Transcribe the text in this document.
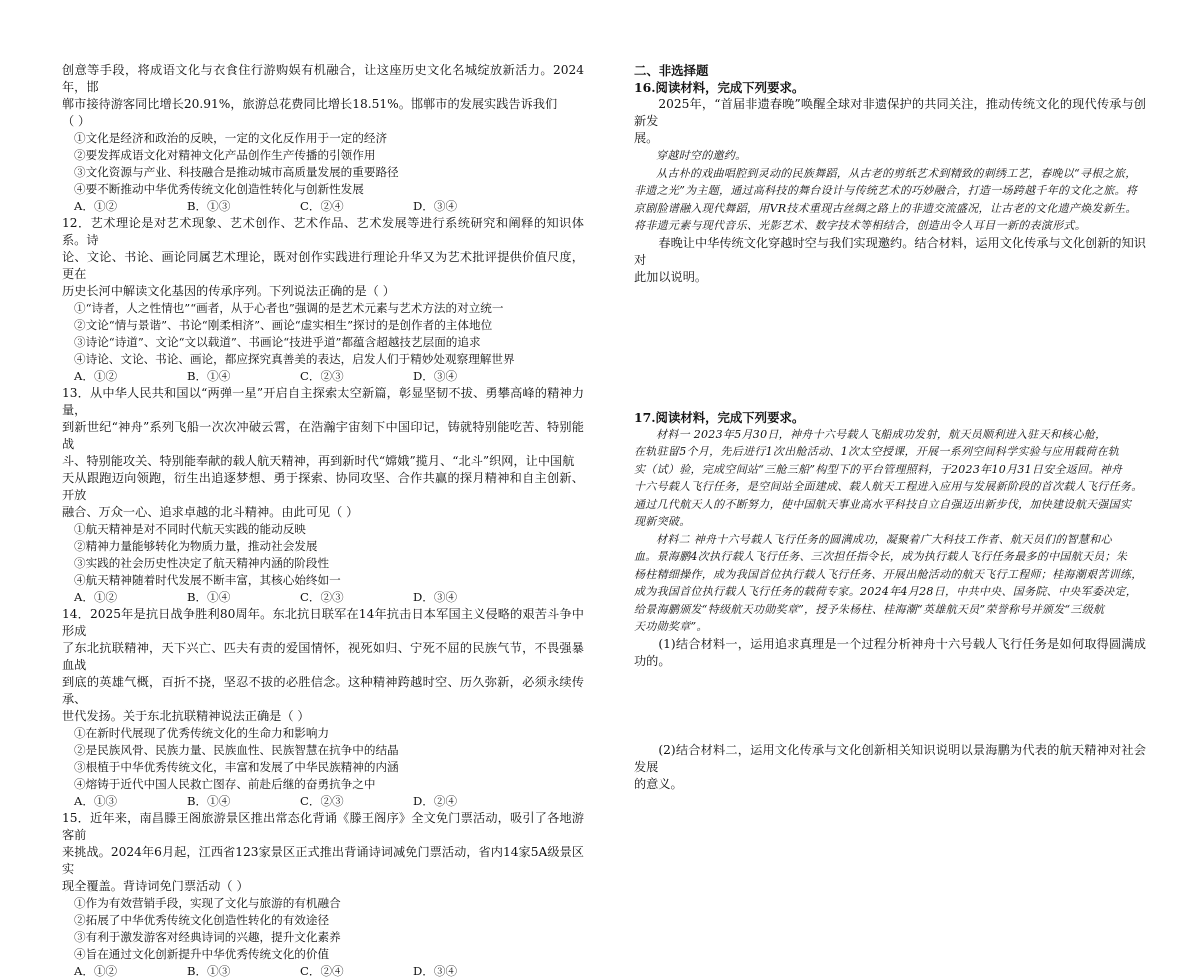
创意等手段，将成语文化与衣食住行游购娱有机融合，让这座历史文化名城绽放新活力。2024年，邯

郸市接待游客同比增长20.91%，旅游总花费同比增长18.51%。邯郸市的发展实践告诉我们

（ ）

①文化是经济和政治的反映，一定的文化反作用于一定的经济

②要发挥成语文化对精神文化产品创作生产传播的引领作用

③文化资源与产业、科技融合是推动城市高质量发展的重要路径

④要不断推动中华优秀传统文化创造性转化与创新性发展

A．①②	B．①③	C．②④	D．③④

12．艺术理论是对艺术现象、艺术创作、艺术作品、艺术发展等进行系统研究和阐释的知识体系。诗

论、文论、书论、画论同属艺术理论，既对创作实践进行理论升华又为艺术批评提供价值尺度，更在

历史长河中解读文化基因的传承序列。下列说法正确的是（ ）

①“诗者，人之性情也”“画者，从于心者也”强调的是艺术元素与艺术方法的对立统一

②文论“情与景谐”、书论“刚柔相济”、画论“虚实相生”探讨的是创作者的主体地位

③诗论“诗道”、文论“文以载道”、书画论“技进乎道”都蕴含超越技艺层面的追求

④诗论、文论、书论、画论，都应探究真善美的表达，启发人们于精妙处观察理解世界

A．①②	B．①④	C．②③	D．③④

13．从中华人民共和国以“两弹一星”开启自主探索太空新篇，彰显坚韧不拔、勇攀高峰的精神力量，

到新世纪“神舟”系列飞船一次次冲破云霄，在浩瀚宇宙刻下中国印记，铸就特别能吃苦、特别能战

斗、特别能攻关、特别能奉献的载人航天精神，再到新时代“嫦娥”揽月、“北斗”织网，让中国航

天从跟跑迈向领跑，衍生出追逐梦想、勇于探索、协同攻坚、合作共赢的探月精神和自主创新、开放

融合、万众一心、追求卓越的北斗精神。由此可见（ ）

①航天精神是对不同时代航天实践的能动反映

②精神力量能够转化为物质力量，推动社会发展

③实践的社会历史性决定了航天精神内涵的阶段性

④航天精神随着时代发展不断丰富，其核心始终如一

A．①②	B．①④	C．②③	D．③④

14．2025年是抗日战争胜利80周年。东北抗日联军在14年抗击日本军国主义侵略的艰苦斗争中形成

了东北抗联精神，天下兴亡、匹夫有责的爱国情怀，视死如归、宁死不屈的民族气节，不畏强暴血战

到底的英雄气概，百折不挠，坚忍不拔的必胜信念。这种精神跨越时空、历久弥新，必须永续传承、

世代发扬。关于东北抗联精神说法正确是（ ）

①在新时代展现了优秀传统文化的生命力和影响力

②是民族风骨、民族力量、民族血性、民族智慧在抗争中的结晶

③根植于中华优秀传统文化，丰富和发展了中华民族精神的内涵

④熔铸于近代中国人民救亡图存、前赴后继的奋勇抗争之中

A．①③	B．①④	C．②③	D．②④

15．近年来，南昌滕王阁旅游景区推出常态化背诵《滕王阁序》全文免门票活动，吸引了各地游客前

来挑战。2024年6月起，江西省123家景区正式推出背诵诗词减免门票活动，省内14家5A级景区实

现全覆盖。背诗词免门票活动（ ）

①作为有效营销手段，实现了文化与旅游的有机融合

②拓展了中华优秀传统文化创造性转化的有效途径

③有利于激发游客对经典诗词的兴趣，提升文化素养

④旨在通过文化创新提升中华优秀传统文化的价值

A．①②	B．①③	C．②④	D．③④

二、非选择题

16.阅读材料，完成下列要求。

2025年，“首届非遗春晚”唤醒全球对非遗保护的共同关注，推动传统文化的现代传承与创新发

展。

穿越时空的邀约。

从古朴的戏曲唱腔到灵动的民族舞蹈，从古老的剪纸艺术到精致的刺绣工艺，春晚以“寻根之旅，

非遗之光”为主题，通过高科技的舞台设计与传统艺术的巧妙融合，打造一场跨越千年的文化之旅。将

京剧脸谱融入现代舞蹈，用VR技术重现古丝绸之路上的非遗交流盛况，让古老的文化遗产焕发新生。

将非遗元素与现代音乐、光影艺术、数字技术等相结合，创造出令人耳目一新的表演形式。

春晚让中华传统文化穿越时空与我们实现邀约。结合材料，运用文化传承与文化创新的知识对

此加以说明。

17.阅读材料，完成下列要求。

材料一 2023年5月30日，神舟十六号载人飞船成功发射，航天员顺利进入驻天和核心舱，

在轨驻留5个月，先后进行1次出舱活动、1次太空授课，开展一系列空间科学实验与应用载荷在轨

实（试）验，完成空间站“三舱三船”构型下的平台管理照料，于2023年10月31日安全返回。神舟

十六号载人飞行任务，是空间站全面建成、载人航天工程进入应用与发展新阶段的首次载人飞行任务。

通过几代航天人的不断努力，使中国航天事业高水平科技自立自强迈出新步伐，加快建设航天强国实

现新突破。

材料二 神舟十六号载人飞行任务的圆满成功，凝聚着广大科技工作者、航天员们的智慧和心

血。景海鹏4次执行载人飞行任务、三次担任指令长，成为执行载人飞行任务最多的中国航天员；朱

杨柱精细操作，成为我国首位执行载人飞行任务、开展出舱活动的航天飞行工程师；桂海潮艰苦训练，

成为我国首位执行载人飞行任务的载荷专家。2024年4月28日，中共中央、国务院、中央军委决定，

给景海鹏颁发“特级航天功勋奖章”，授予朱杨柱、桂海潮“英雄航天员”荣誉称号并颁发“三级航

天功勋奖章”。

(1)结合材料一，运用追求真理是一个过程分析神舟十六号载人飞行任务是如何取得圆满成功的。

(2)结合材料二，运用文化传承与文化创新相关知识说明以景海鹏为代表的航天精神对社会发展

的意义。
